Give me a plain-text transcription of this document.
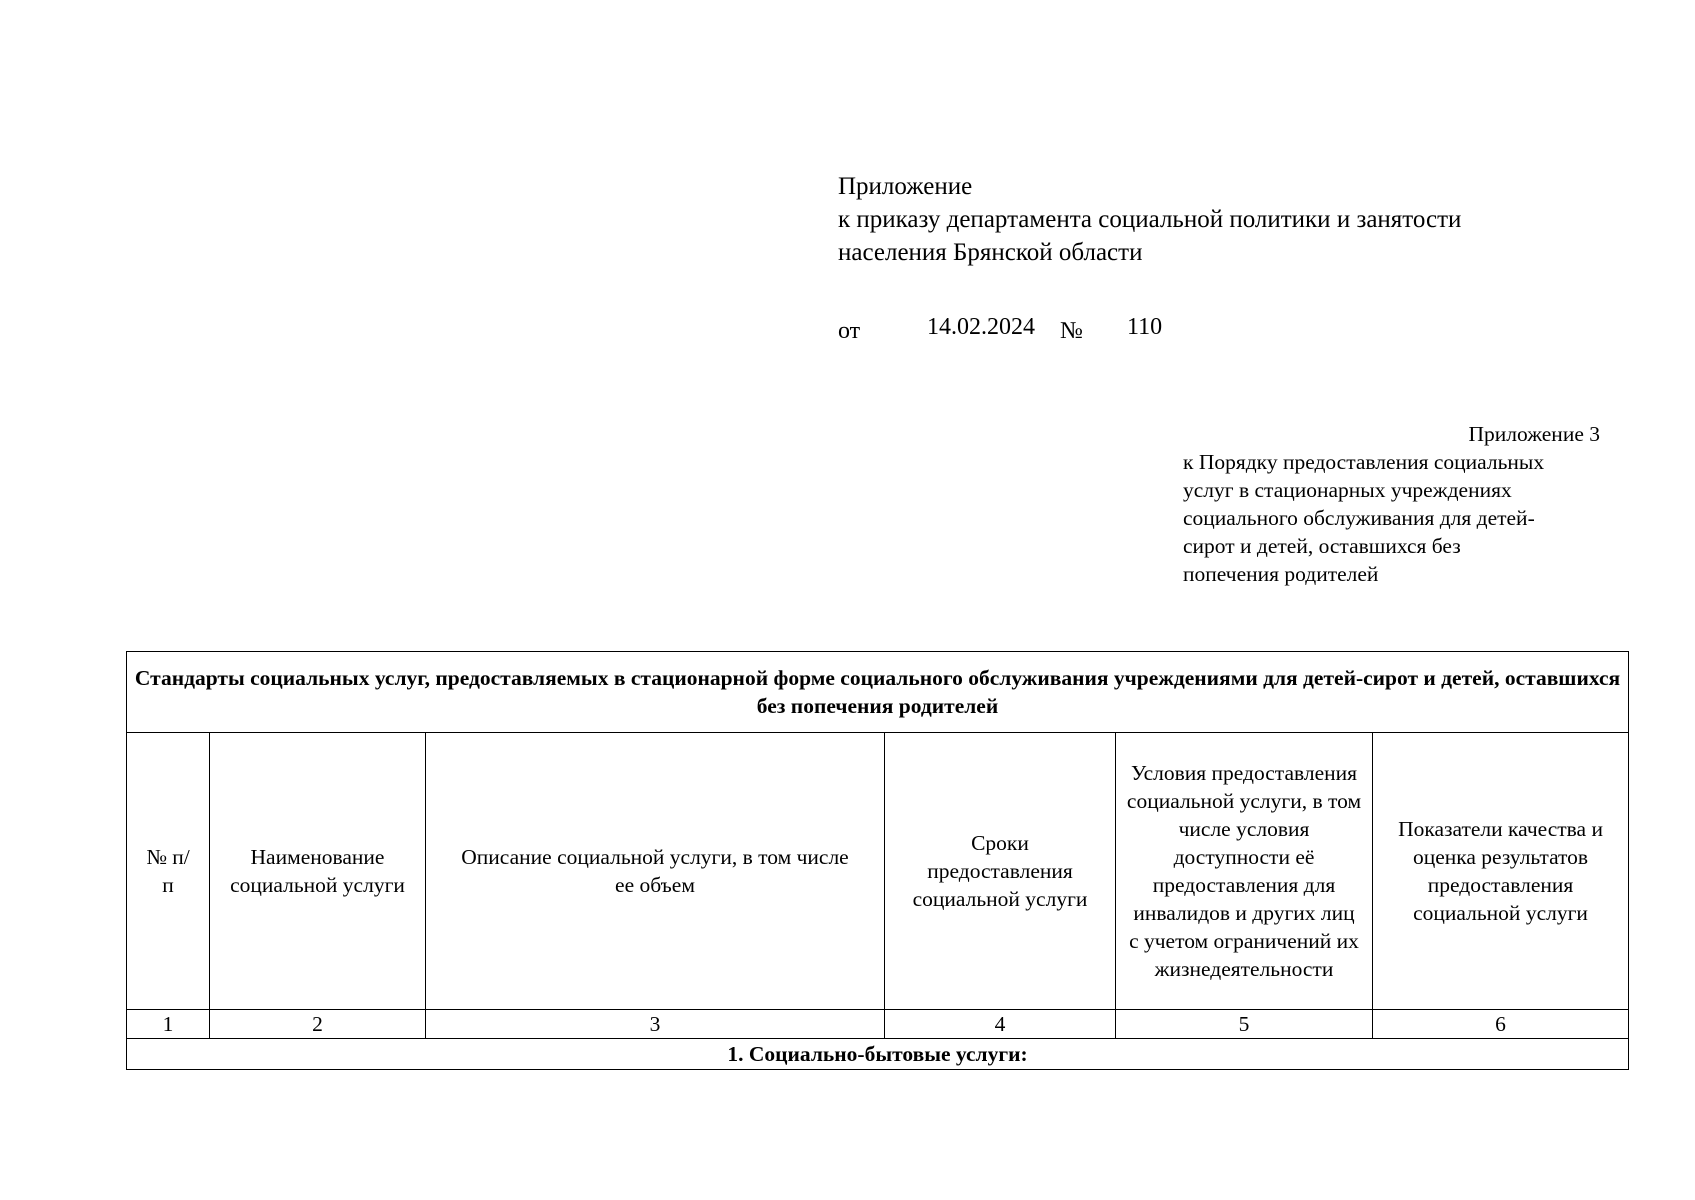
Приложение
к приказу департамента социальной политики и занятости
населения Брянской области
от	14.02.2024 № 110
Приложение 3
к Порядку предоставления социальных
услуг в стационарных учреждениях
социального обслуживания для детей-
сирот и детей, оставшихся без
попечения родителей
Стандарты социальных услуг, предоставляемых в стационарной форме социального обслуживания учреждениями для детей-сирот и детей, оставшихся без попечения родителей					
№ п/п	Наименование социальной услуги	Описание социальной услуги, в том числе ее объем	Сроки предоставления социальной услуги	Условия предоставления социальной услуги, в том числе условия доступности её предоставления для инвалидов и других лиц с учетом ограничений их жизнедеятельности	Показатели качества и оценка результатов предоставления социальной услуги
1	2	3	4	5	6
1. Социально-бытовые услуги:					
